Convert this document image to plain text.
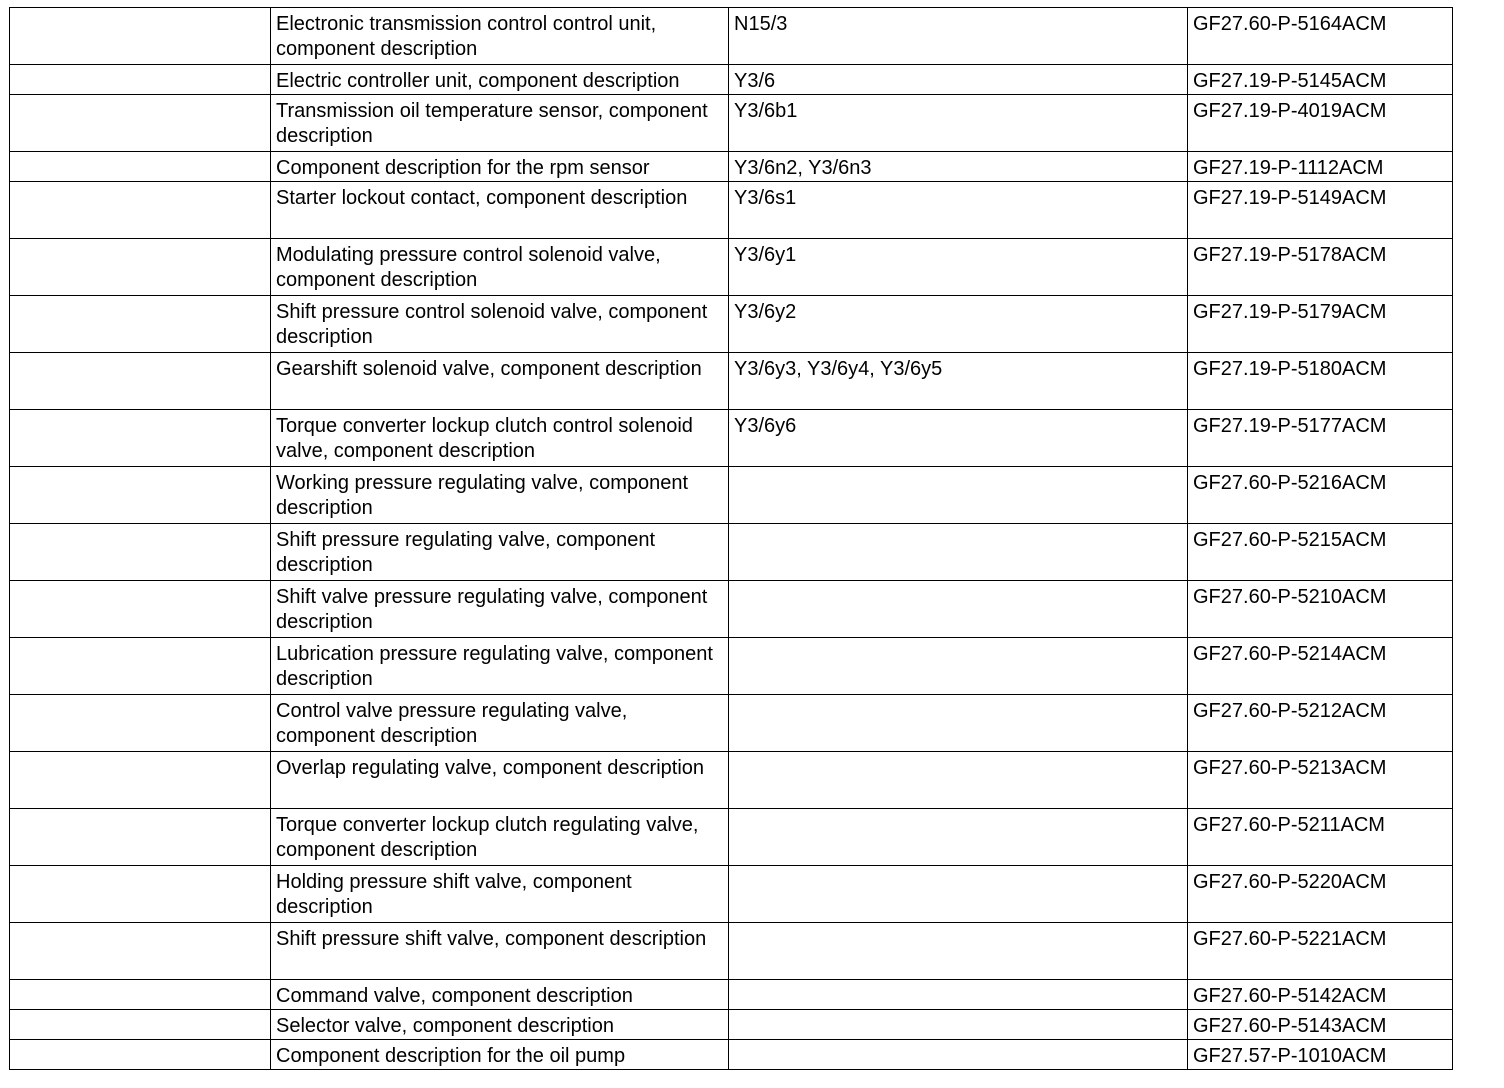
	Electronic transmission control control unit, component description	N15/3	GF27.60-P-5164ACM
	Electric controller unit, component description	Y3/6	GF27.19-P-5145ACM
	Transmission oil temperature sensor, component description	Y3/6b1	GF27.19-P-4019ACM
	Component description for the rpm sensor	Y3/6n2, Y3/6n3	GF27.19-P-1112ACM
	Starter lockout contact, component description	Y3/6s1	GF27.19-P-5149ACM
	Modulating pressure control solenoid valve, component description	Y3/6y1	GF27.19-P-5178ACM
	Shift pressure control solenoid valve, component description	Y3/6y2	GF27.19-P-5179ACM
	Gearshift solenoid valve, component description	Y3/6y3, Y3/6y4, Y3/6y5	GF27.19-P-5180ACM
	Torque converter lockup clutch control solenoid valve, component description	Y3/6y6	GF27.19-P-5177ACM
	Working pressure regulating valve, component description		GF27.60-P-5216ACM
	Shift pressure regulating valve, component description		GF27.60-P-5215ACM
	Shift valve pressure regulating valve, component description		GF27.60-P-5210ACM
	Lubrication pressure regulating valve, component description		GF27.60-P-5214ACM
	Control valve pressure regulating valve, component description		GF27.60-P-5212ACM
	Overlap regulating valve, component description		GF27.60-P-5213ACM
	Torque converter lockup clutch regulating valve, component description		GF27.60-P-5211ACM
	Holding pressure shift valve, component description		GF27.60-P-5220ACM
	Shift pressure shift valve, component description		GF27.60-P-5221ACM
	Command valve, component description		GF27.60-P-5142ACM
	Selector valve, component description		GF27.60-P-5143ACM
	Component description for the oil pump		GF27.57-P-1010ACM
